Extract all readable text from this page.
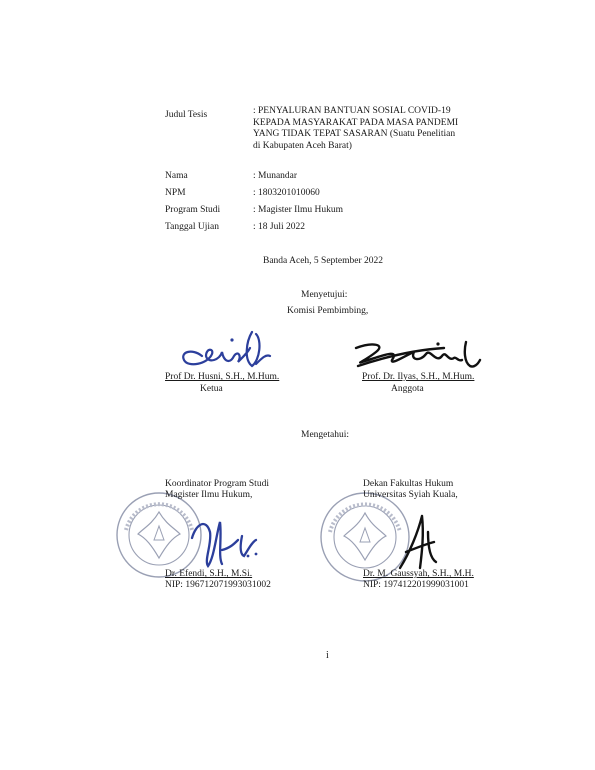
Judul Tesis	: PENYALURAN BANTUAN SOSIAL COVID-19
KEPADA MASYARAKAT PADA MASA PANDEMI
YANG TIDAK TEPAT SASARAN (Suatu Penelitian
di Kabupaten Aceh Barat)
Nama	: Munandar
NPM	: 1803201010060
Program Studi	: Magister Ilmu Hukum
Tanggal Ujian	: 18 Juli 2022
Banda Aceh, 5 September 2022
Menyetujui:
Komisi Pembimbing,
Prof Dr. Husni, S.H., M.Hum.
Ketua
Prof. Dr. Ilyas, S.H., M.Hum.
Anggota
Mengetahui:
Koordinator Program Studi
Magister Ilmu Hukum,
Dr. Efendi, S.H., M.Si.
NIP: 196712071993031002
Dekan Fakultas Hukum
Universitas Syiah Kuala,
Dr. M. Gaussyah, S.H., M.H.
NIP: 197412201999031001
i
